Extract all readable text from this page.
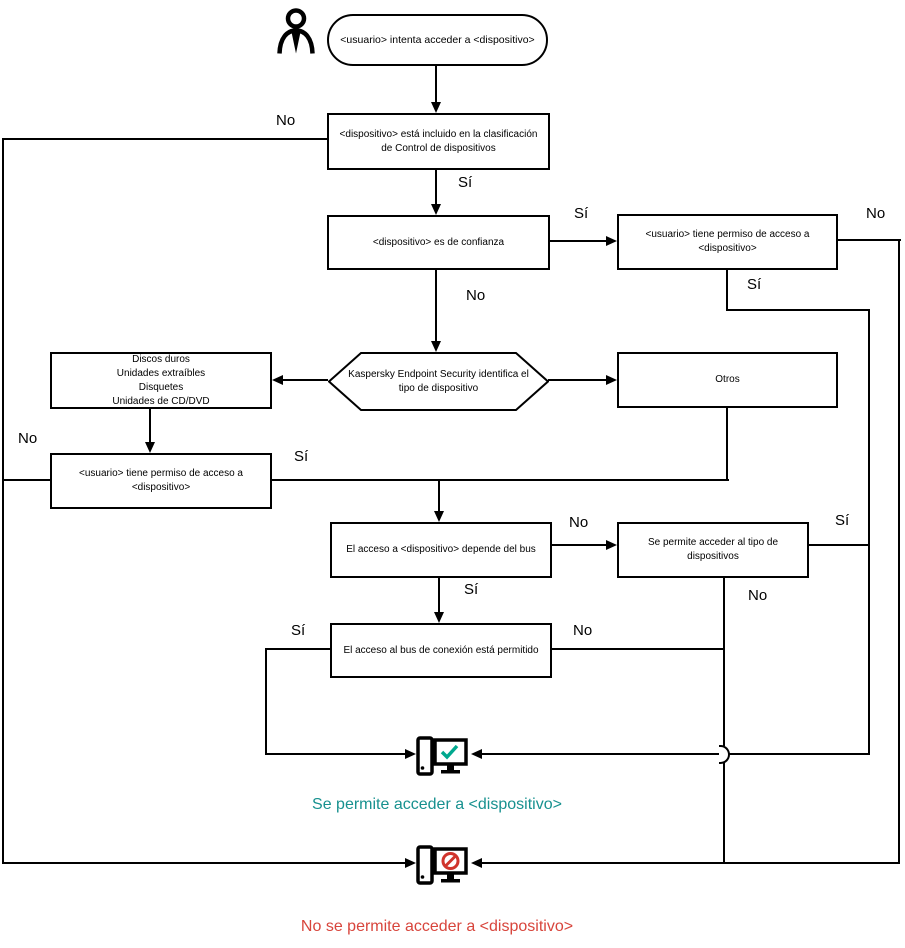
<usuario> intenta acceder a <dispositivo>
<dispositivo> está incluido en la clasificación
de Control de dispositivos
<dispositivo> es de confianza
<usuario> tiene permiso de acceso a
<dispositivo>
Kaspersky Endpoint Security identifica el
tipo de dispositivo
Discos duros
Unidades extraíbles
Disquetes
Unidades de CD/DVD
Otros
<usuario> tiene permiso de acceso a
<dispositivo>
El acceso a <dispositivo> depende del bus
Se permite acceder al tipo de
dispositivos
El acceso al bus de conexión está permitido
No
Sí
Sí
No
No
Sí
No
Sí
No
Sí
Sí
No
Sí	No
Se permite acceder a <dispositivo>
No se permite acceder a <dispositivo>
